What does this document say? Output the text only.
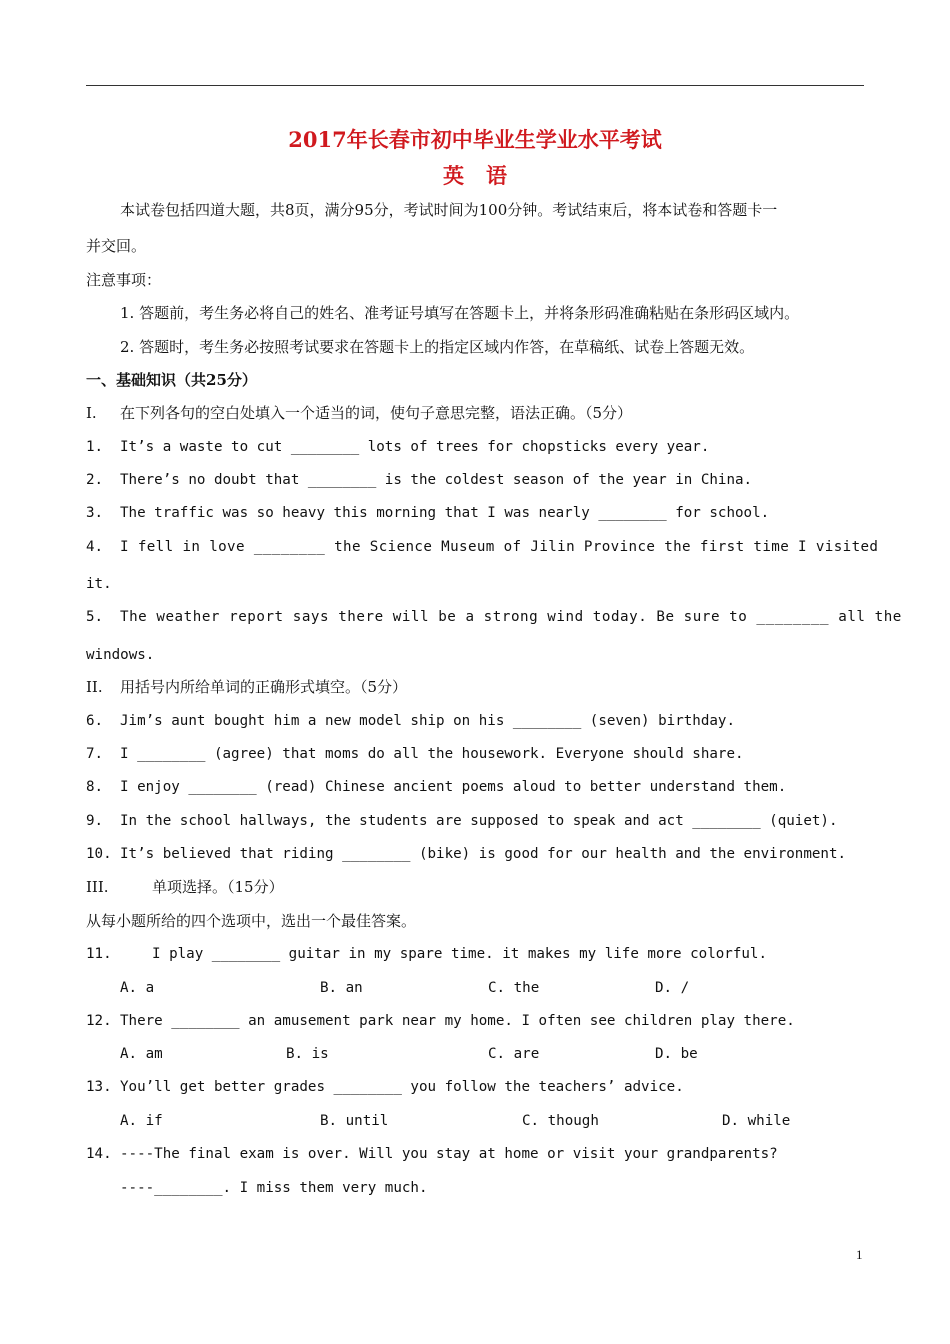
2017年长春市初中毕业生学业水平考试
英语
本试卷包括四道大题，共8页，满分95分，考试时间为100分钟。考试结束后，将本试卷和答题卡一
并交回。
注意事项：
1. 答题前，考生务必将自己的姓名、准考证号填写在答题卡上，并将条形码准确粘贴在条形码区域内。
2. 答题时，考生务必按照考试要求在答题卡上的指定区域内作答，在草稿纸、试卷上答题无效。
一、基础知识（共25分）
I. 在下列各句的空白处填入一个适当的词，使句子意思完整，语法正确。（5分）
1. It’s a waste to cut ________ lots of trees for chopsticks every year.
2. There’s no doubt that ________ is the coldest season of the year in China.
3. The traffic was so heavy this morning that I was nearly ________ for school.
4. I fell in love ________ the Science Museum of Jilin Province the first time I visited
it.
5. The weather report says there will be a strong wind today. Be sure to ________ all the
windows.
II. 用括号内所给单词的正确形式填空。（5分）
6. Jim’s aunt bought him a new model ship on his ________ (seven) birthday.
7. I ________ (agree) that moms do all the housework. Everyone should share.
8. I enjoy ________ (read) Chinese ancient poems aloud to better understand them.
9. In the school hallways, the students are supposed to speak and act ________ (quiet).
10. It’s believed that riding ________ (bike) is good for our health and the environment.
III.	单项选择。（15分）
从每小题所给的四个选项中，选出一个最佳答案。
11.	I play ________ guitar in my spare time. it makes my life more colorful.
A. a	B. an	C. the	D. /
12. There ________ an amusement park near my home. I often see children play there.
A. am	B. is	C. are	D. be
13. You’ll get better grades ________ you follow the teachers’ advice.
A. if	B. until	C. though	D. while
14. ----The final exam is over. Will you stay at home or visit your grandparents?
----________. I miss them very much.
1
